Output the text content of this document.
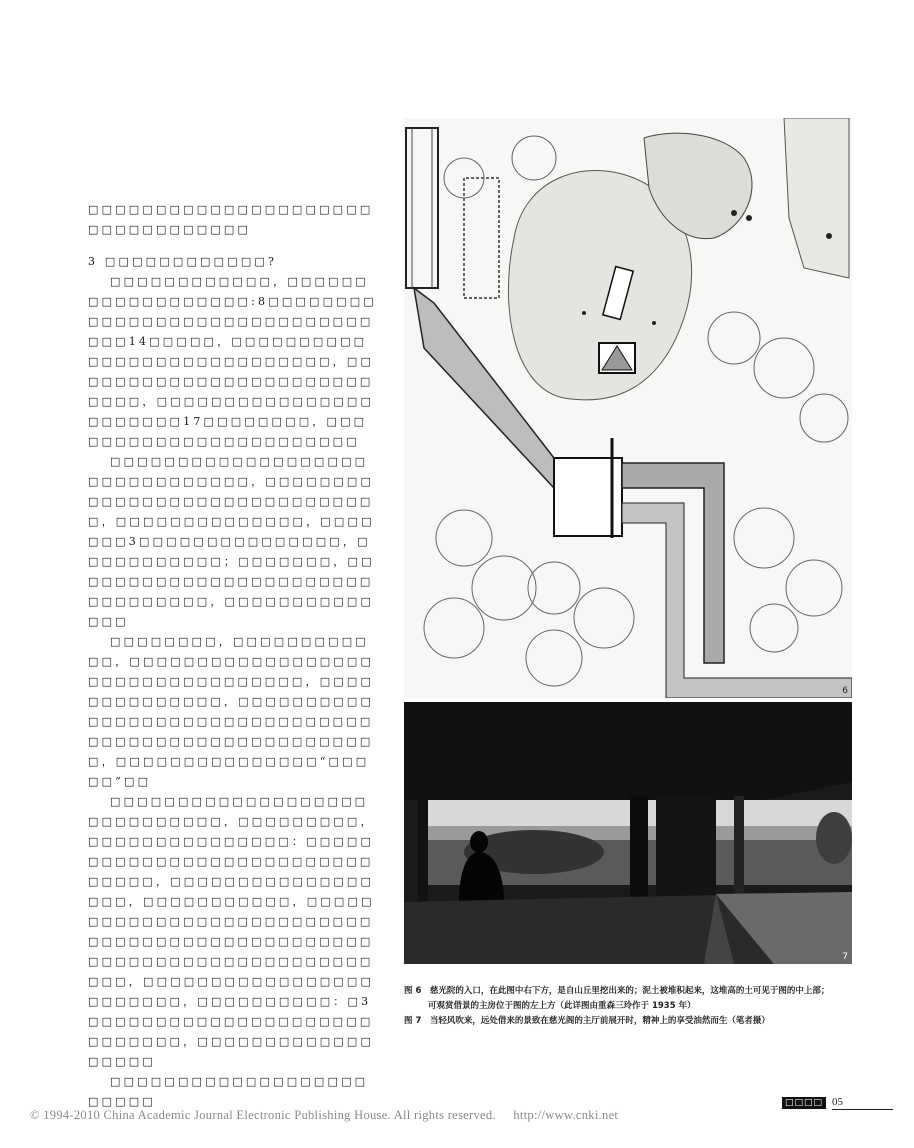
□□□□□□□□□□□□□□□□□□□□□□□□□□□□□□□□□

3 □□□□□□□□□□□□?

□□□□□□□□□□□□，□□□□□□□□□□□□□□□□□□:8□□□□□□□□□□□□□□□□□□□□□□□□□□□□□□□□14□□□□□，□□□□□□□□□□□□□□□□□□□□□□□□□□□□，□□□□□□□□□□□□□□□□□□□□□□□□□□□，□□□□□□□□□□□□□□□□□□□□□□□17□□□□□□□□，□□□□□□□□□□□□□□□□□□□□□□□

□□□□□□□□□□□□□□□□□□□□□□□□□□□□□□□，□□□□□□□□□□□□□□□□□□□□□□□□□□□□□□，□□□□□□□□□□□□□□，□□□□□□□3□□□□□□□□□□□□□□□，□□□□□□□□□□□；□□□□□□□，□□□□□□□□□□□□□□□□□□□□□□□□□□□□□□□□，□□□□□□□□□□□□□□

□□□□□□□□，□□□□□□□□□□□□，□□□□□□□□□□□□□□□□□□□□□□□□□□□□□□□□□□，□□□□□□□□□□□□□□，□□□□□□□□□□□□□□□□□□□□□□□□□□□□□□□□□□□□□□□□□□□□□□□□□□□□□，□□□□□□□□□□□□□□□“□□□□□”□□

□□□□□□□□□□□□□□□□□□□□□□□□□□□□□，□□□□□□□□□，□□□□□□□□□□□□□□□：□□□□□□□□□□□□□□□□□□□□□□□□□□□□□□□，□□□□□□□□□□□□□□□□□□，□□□□□□□□□□□，□□□□□□□□□□□□□□□□□□□□□□□□□□□□□□□□□□□□□□□□□□□□□□□□□□□□□□□□□□□□□□□□□□□□□□□，□□□□□□□□□□□□□□□□□□□□□□□□，□□□□□□□□□□：□3□□□□□□□□□□□□□□□□□□□□□□□□□□□□，□□□□□□□□□□□□□□□□□□

□□□□□□□□□□□□□□□□□□□□□□□□

6
7
图 6　慈光院的入口，在此图中右下方，是自山丘里挖出来的；泥土被堆积起来，这堆高的土可见于图的中上部；
可观赏借景的主房位于图的左上方（此详图由重森三玲作于 1935 年）
图 7　当轻风吹来，远处借来的景致在慈光阁的主厅前展开时，精神上的享受油然而生（笔者摄）
□□□□ 05
© 1994-2010 China Academic Journal Electronic Publishing House. All rights reserved. http://www.cnki.net
